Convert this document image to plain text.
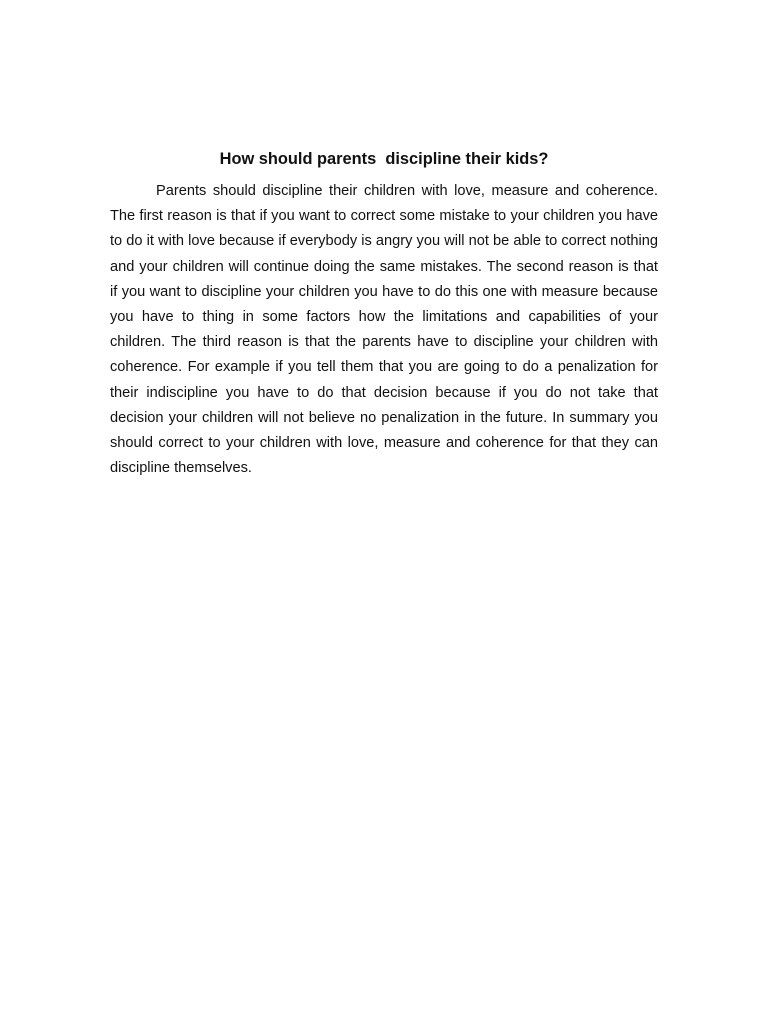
How should parents  discipline their kids?

Parents should discipline their children with love, measure and coherence. The first reason is that if you want to correct some mistake to your children you have to do it with love because if everybody is angry you will not be able to correct nothing and your children will continue doing the same mistakes. The second reason is that if you want to discipline your children you have to do this one with measure because you have to thing in some factors how the limitations and capabilities of your children. The third reason is that the parents have to discipline your children with coherence. For example if you tell them that you are going to do a penalization for their indiscipline you have to do that decision because if you do not take that decision your children will not believe no penalization in the future. In summary you should correct to your children with love, measure and coherence for that they can discipline themselves.
